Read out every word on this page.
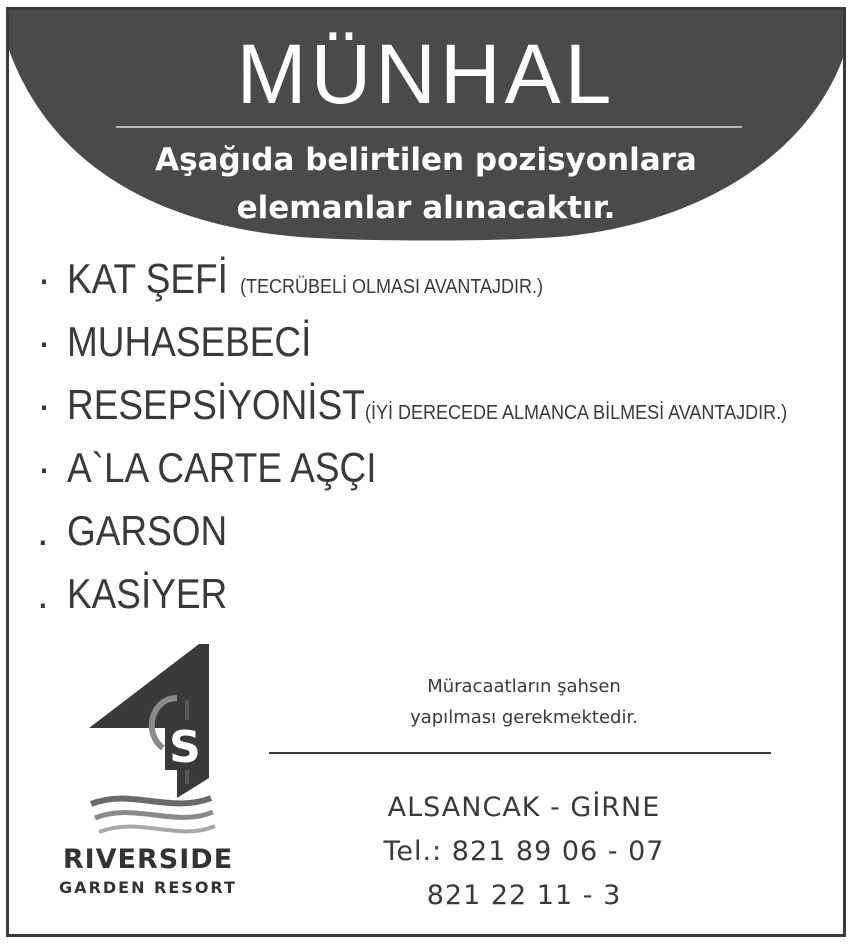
MÜNHAL
Aşağıda belirtilen pozisyonlara
elemanlar alınacaktır.
· KAT ŞEFİ (TECRÜBELİ OLMASI AVANTAJDIR.)
· MUHASEBECİ
· RESEPSİYONİST (İYİ DERECEDE ALMANCA BİLMESİ AVANTAJDIR.)
· A`LA CARTE AŞÇI
. GARSON
. KASİYER
S
RIVERSIDE
GARDEN RESORT
Müracaatların şahsen
yapılması gerekmektedir.
ALSANCAK - GİRNE
Tel.: 821 89 06 - 07
821 22 11 - 3
